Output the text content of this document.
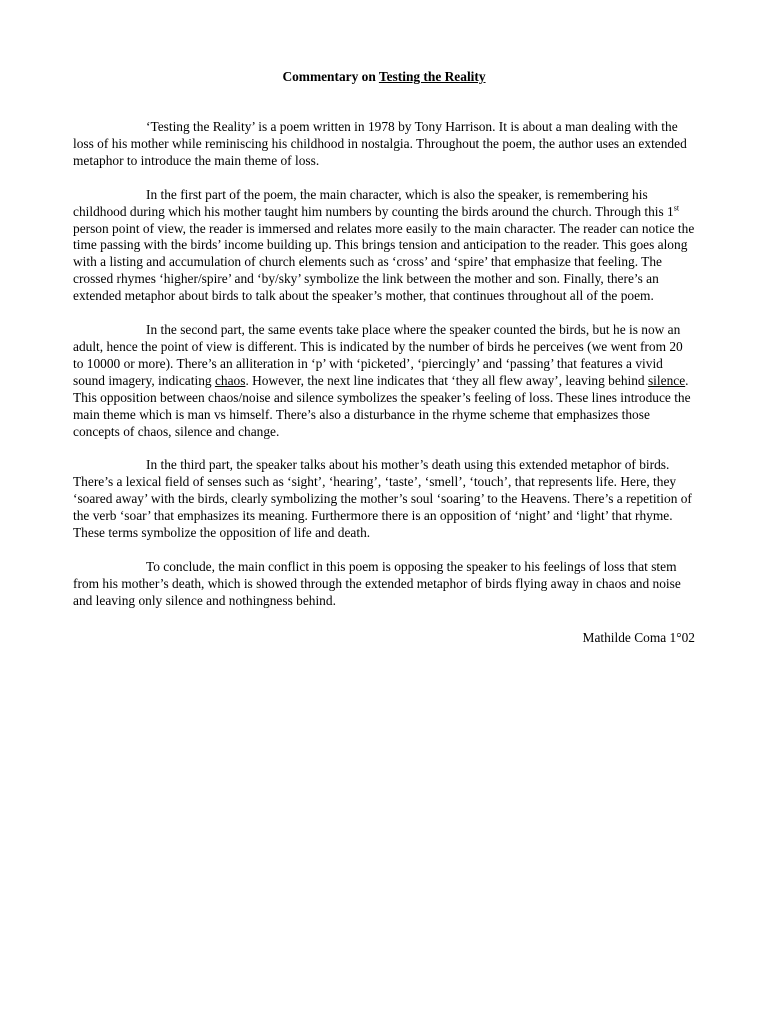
Commentary on Testing the Reality

‘Testing the Reality’ is a poem written in 1978 by Tony Harrison. It is about a man dealing with the loss of his mother while reminiscing his childhood in nostalgia. Throughout the poem, the author uses an extended metaphor to introduce the main theme of loss.

In the first part of the poem, the main character, which is also the speaker, is remembering his childhood during which his mother taught him numbers by counting the birds around the church. Through this 1st person point of view, the reader is immersed and relates more easily to the main character. The reader can notice the time passing with the birds’ income building up. This brings tension and anticipation to the reader. This goes along with a listing and accumulation of church elements such as ‘cross’ and ‘spire’ that emphasize that feeling. The crossed rhymes ‘higher/spire’ and ‘by/sky’ symbolize the link between the mother and son. Finally, there’s an extended metaphor about birds to talk about the speaker’s mother, that continues throughout all of the poem.

In the second part, the same events take place where the speaker counted the birds, but he is now an adult, hence the point of view is different. This is indicated by the number of birds he perceives (we went from 20 to 10000 or more). There’s an alliteration in ‘p’ with ‘picketed’, ‘piercingly’ and ‘passing’ that features a vivid sound imagery, indicating chaos. However, the next line indicates that ‘they all flew away’, leaving behind silence. This opposition between chaos/noise and silence symbolizes the speaker’s feeling of loss. These lines introduce the main theme which is man vs himself. There’s also a disturbance in the rhyme scheme that emphasizes those concepts of chaos, silence and change.

In the third part, the speaker talks about his mother’s death using this extended metaphor of birds. There’s a lexical field of senses such as ‘sight’, ‘hearing’, ‘taste’, ‘smell’, ‘touch’, that represents life. Here, they ‘soared away’ with the birds, clearly symbolizing the mother’s soul ‘soaring’ to the Heavens. There’s a repetition of the verb ‘soar’ that emphasizes its meaning. Furthermore there is an opposition of ‘night’ and ‘light’ that rhyme. These terms symbolize the opposition of life and death.

To conclude, the main conflict in this poem is opposing the speaker to his feelings of loss that stem from his mother’s death, which is showed through the extended metaphor of birds flying away in chaos and noise and leaving only silence and nothingness behind.

Mathilde Coma 1°02
